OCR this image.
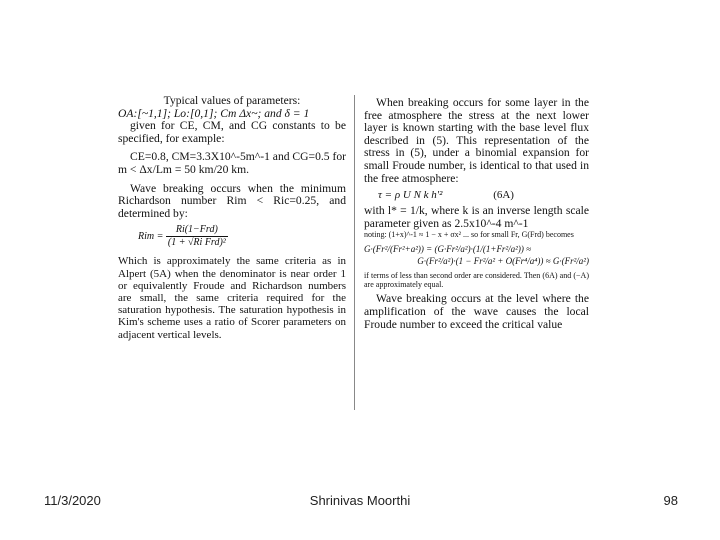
Typical values of parameters:

OA:[~1,1]; Lo:[0,1]; Cm Δx~; and δ = 1

given for CE, CM, and CG constants to be specified, for example:

CE=0.8, CM=3.3X10^-5m^-1 and CG=0.5 for m < Δx/Lm = 50 km/20 km.

Wave breaking occurs when the minimum Richardson number Rim < Ric=0.25, and determined by:

Rim = $\frac{\text{Ri(1−Frd)}}{\text{(1 + √Ri Frd)²}}$

Which is approximately the same criteria as in Alpert (5A) when the denominator is near order 1 or equivalently Froude and Richardson numbers are small, the same criteria required for the saturation hypothesis. The saturation hypothesis in Kim's scheme uses a ratio of Scorer parameters on adjacent vertical levels.

When breaking occurs for some layer in the free atmosphere the stress at the next lower layer is known starting with the base level flux described in (5). This representation of the stress in (5), under a binomial expansion for small Froude number, is identical to that used in the free atmosphere:

τ = ρ U N k h'²	(6A)

with l* = 1/k, where k is an inverse length scale parameter given as 2.5x10^-4 m^-1

noting: (1+x)^-1 ≈ 1 − x + σx² ... so for small Fr, G(Frd) becomes

G·(Fr²/(Fr²+a²)) = (G·Fr²/a²)·(1/(1+Fr²/a²)) ≈

G·(Fr²/a²)·(1 − Fr²/a² + O(Fr⁴/a⁴)) ≈ G·(Fr²/a²)

if terms of less than second order are considered. Then (6A) and (−A) are approximately equal.

Wave breaking occurs at the level where the amplification of the wave causes the local Froude number to exceed the critical value

11/3/2020	Shrinivas Moorthi	98
